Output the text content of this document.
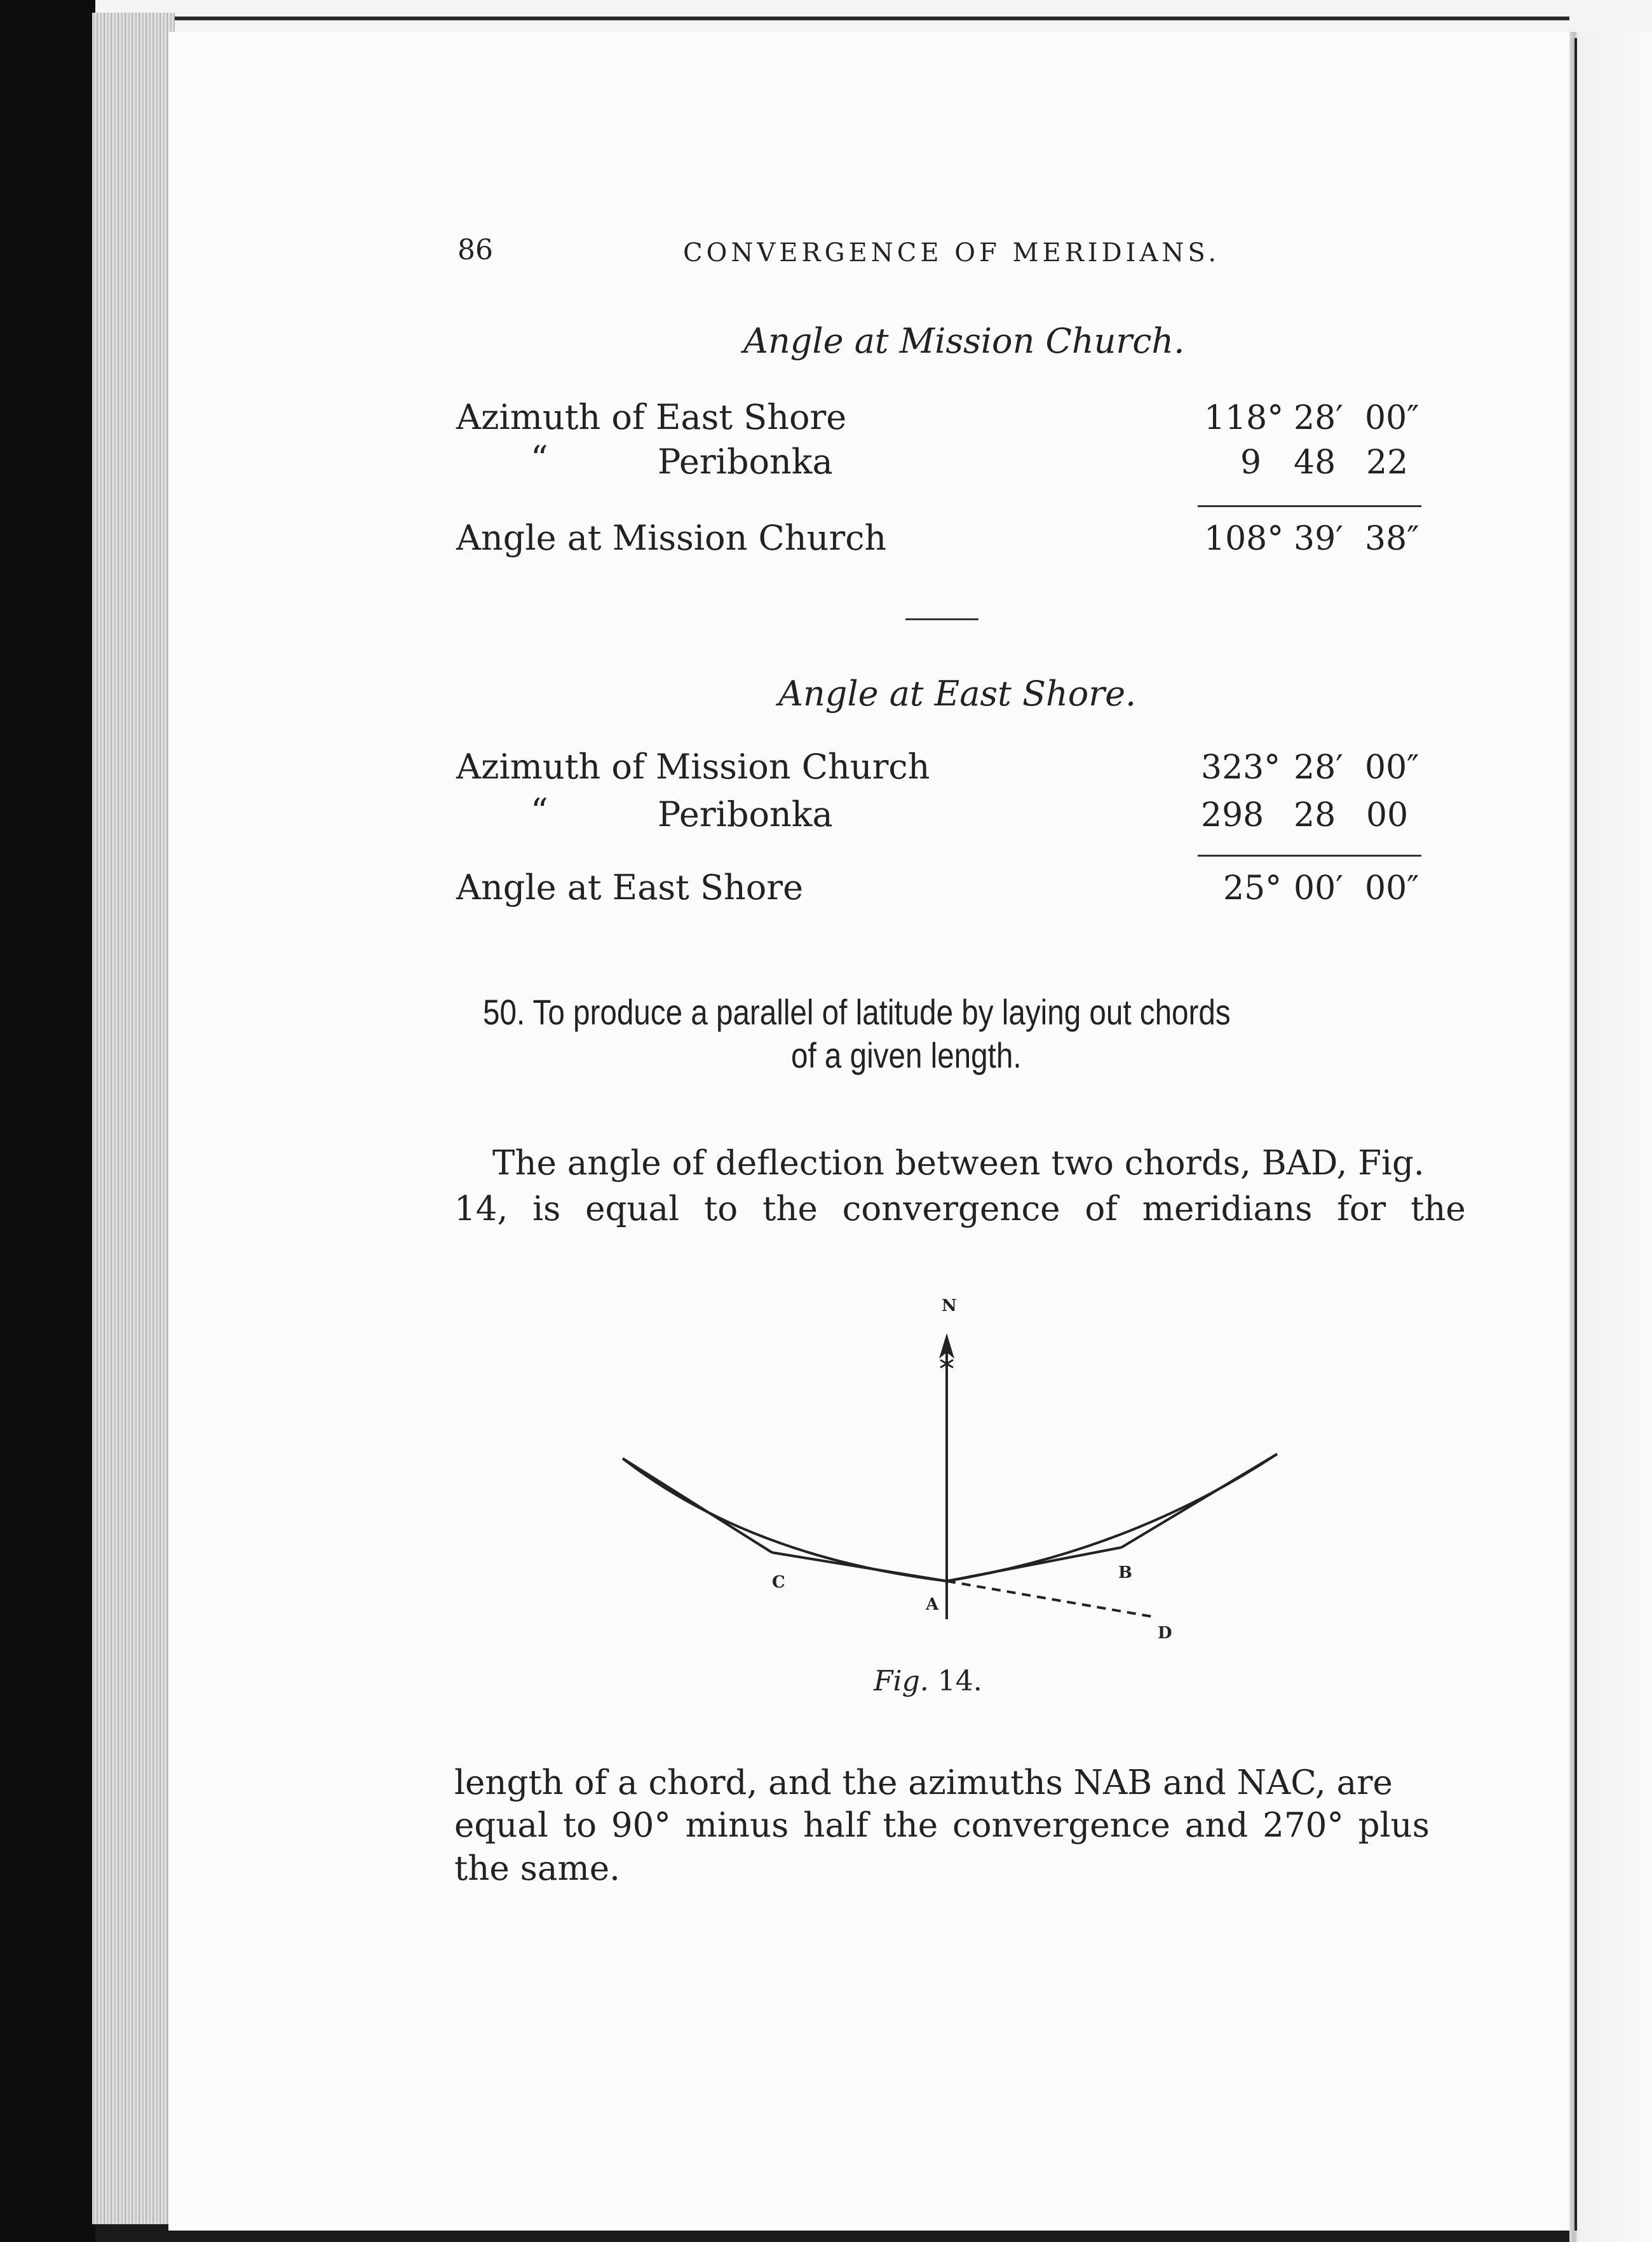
86	CONVERGENCE OF MERIDIANS.
Angle at Mission Church.
Azimuth of East Shore	118° 28′ 00″
“	Peribonka	9 48 22
Angle at Mission Church	108° 39′ 38″
Angle at East Shore.
Azimuth of Mission Church	323° 28′ 00″
“	Peribonka	298 28 00
Angle at East Shore	25° 00′ 00″
50. To produce a parallel of latitude by laying out chords
of a given length.
The angle of deflection between two chords, BAD, Fig.
14, is equal to the convergence of meridians for the
N
A
B
C
D
Fig. 14.
length of a chord, and the azimuths NAB and NAC, are
equal to 90° minus half the convergence and 270° plus
the same.
